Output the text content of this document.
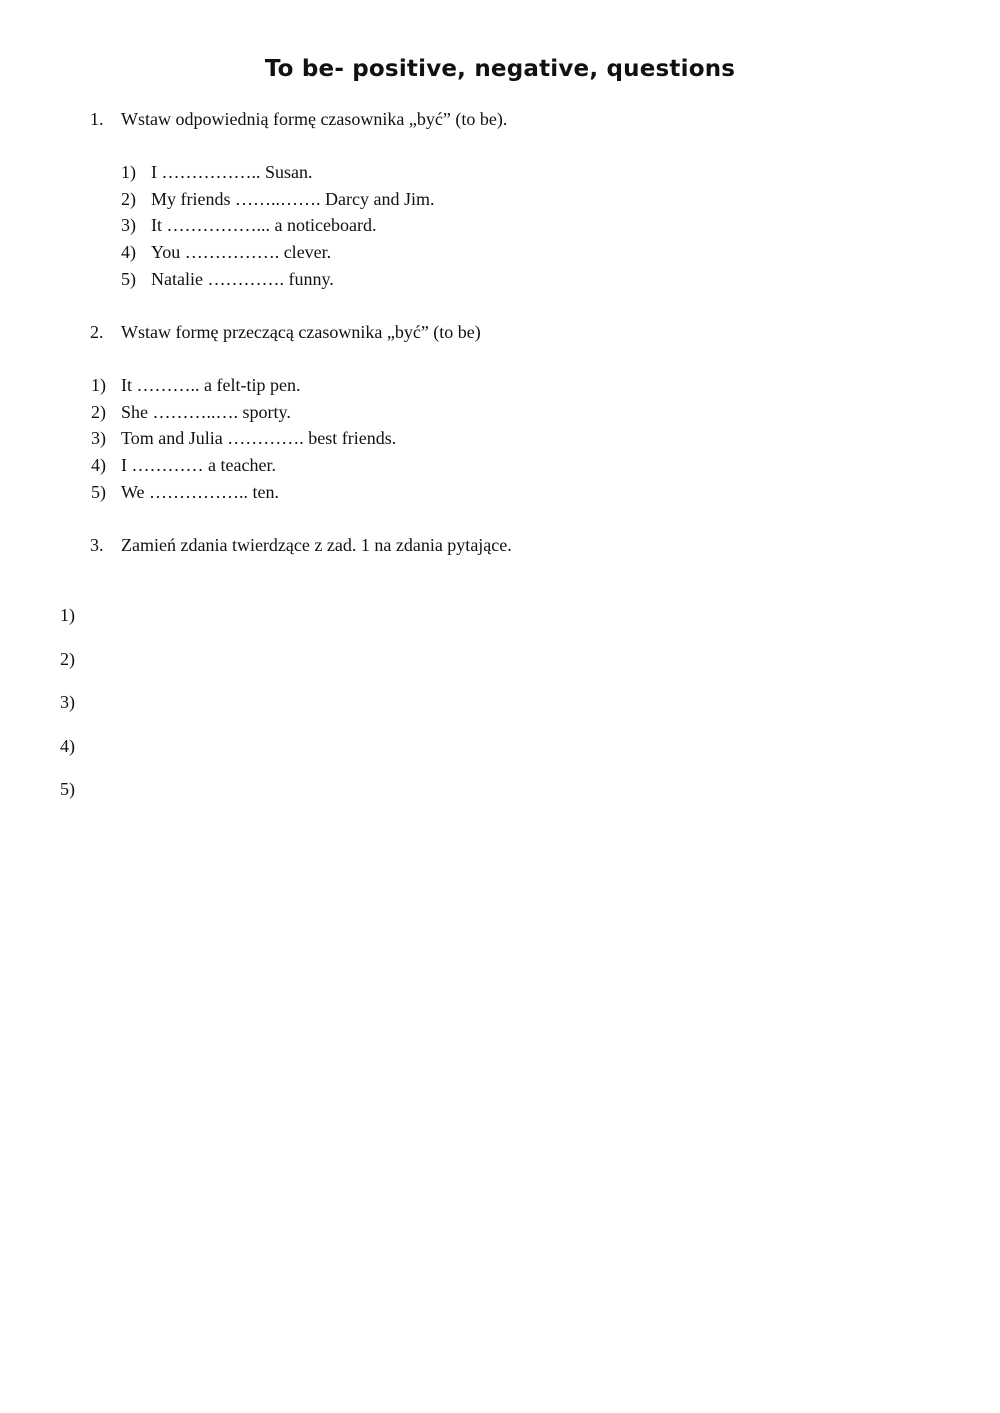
To be- positive, negative, questions
1. Wstaw odpowiednią formę czasownika „być” (to be).
1) I …………….. Susan.
2) My friends ……..……. Darcy and Jim.
3) It ……………... a noticeboard.
4) You ……………. clever.
5) Natalie …………. funny.
2. Wstaw formę przeczącą czasownika „być” (to be)
1) It ……….. a felt-tip pen.
2) She ………..…. sporty.
3) Tom and Julia …………. best friends.
4) I ………… a teacher.
5) We …………….. ten.
3. Zamień zdania twierdzące z zad. 1 na zdania pytające.
1)
2)
3)
4)
5)
